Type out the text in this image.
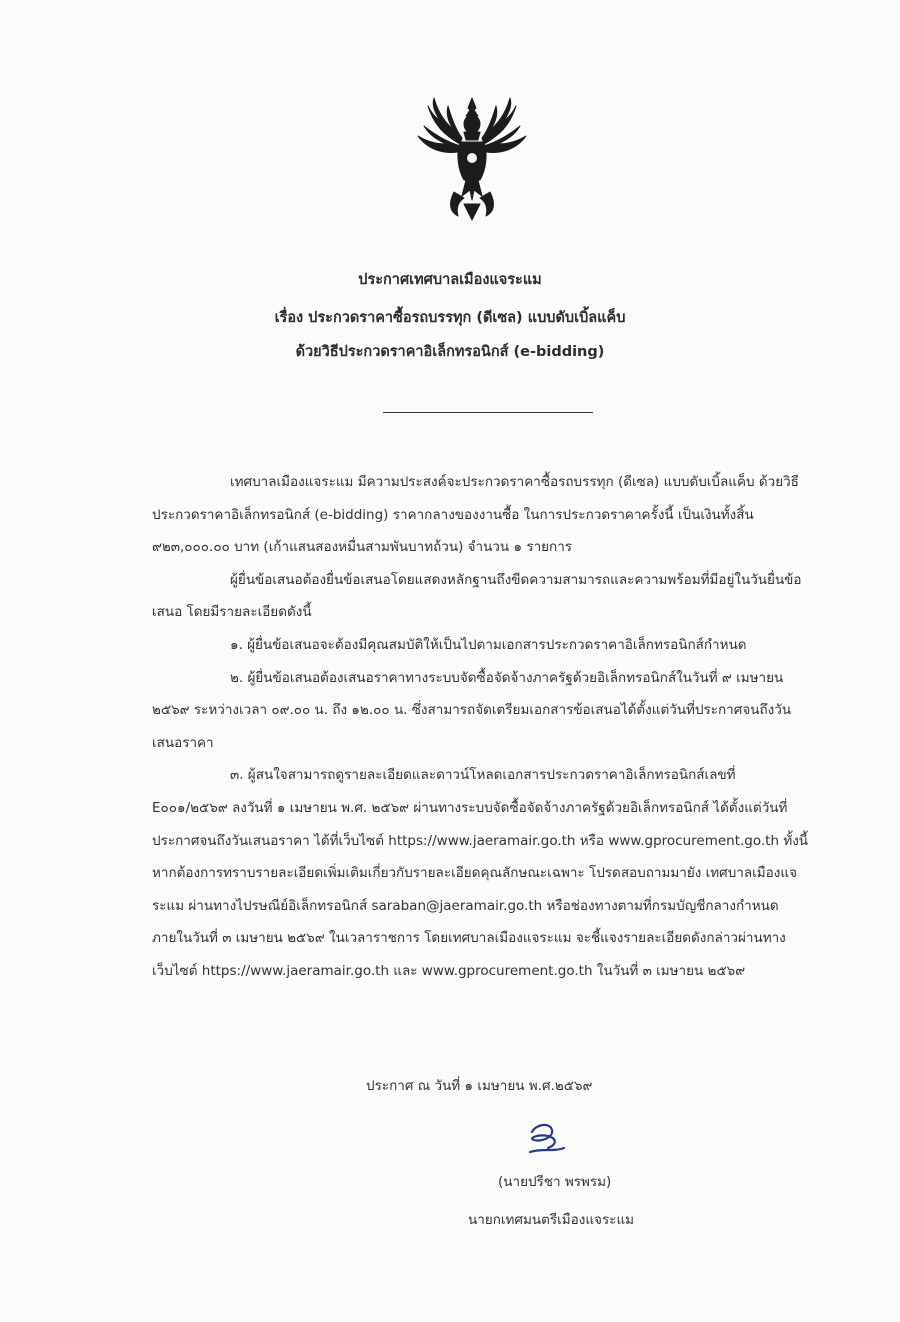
ประกาศเทศบาลเมืองแจระแม
เรื่อง ประกวดราคาซื้อรถบรรทุก (ดีเซล) แบบดับเบิ้ลแค็บ
ด้วยวิธีประกวดราคาอิเล็กทรอนิกส์ (e-bidding)

เทศบาลเมืองแจระแม มีความประสงค์จะประกวดราคาซื้อรถบรรทุก (ดีเซล) แบบดับเบิ้ลแค็บ ด้วยวิธีประกวดราคาอิเล็กทรอนิกส์ (e-bidding) ราคากลางของงานซื้อ ในการประกวดราคาครั้งนี้ เป็นเงินทั้งสิ้น ๙๒๓,๐๐๐.๐๐ บาท (เก้าแสนสองหมื่นสามพันบาทถ้วน) จำนวน ๑ รายการ

ผู้ยื่นข้อเสนอต้องยื่นข้อเสนอโดยแสดงหลักฐานถึงขีดความสามารถและความพร้อมที่มีอยู่ในวันยื่นข้อเสนอ โดยมีรายละเอียดดังนี้

๑. ผู้ยื่นข้อเสนอจะต้องมีคุณสมบัติให้เป็นไปตามเอกสารประกวดราคาอิเล็กทรอนิกส์กำหนด

๒. ผู้ยื่นข้อเสนอต้องเสนอราคาทางระบบจัดซื้อจัดจ้างภาครัฐด้วยอิเล็กทรอนิกส์ในวันที่ ๙ เมษายน ๒๕๖๙ ระหว่างเวลา ๐๙.๐๐ น. ถึง ๑๒.๐๐ น. ซึ่งสามารถจัดเตรียมเอกสารข้อเสนอได้ตั้งแต่วันที่ประกาศจนถึงวันเสนอราคา

๓. ผู้สนใจสามารถดูรายละเอียดและดาวน์โหลดเอกสารประกวดราคาอิเล็กทรอนิกส์เลขที่ E๐๐๑/๒๕๖๙ ลงวันที่ ๑ เมษายน พ.ศ. ๒๕๖๙ ผ่านทางระบบจัดซื้อจัดจ้างภาครัฐด้วยอิเล็กทรอนิกส์ ได้ตั้งแต่วันที่ประกาศจนถึงวันเสนอราคา ได้ที่เว็บไซต์ https://www.jaeramair.go.th หรือ www.gprocurement.go.th ทั้งนี้ หากต้องการทราบรายละเอียดเพิ่มเติมเกี่ยวกับรายละเอียดคุณลักษณะเฉพาะ โปรดสอบถามมายัง เทศบาลเมืองแจระแม ผ่านทางไปรษณีย์อิเล็กทรอนิกส์ saraban@jaeramair.go.th หรือช่องทางตามที่กรมบัญชีกลางกำหนด ภายในวันที่ ๓ เมษายน ๒๕๖๙ ในเวลาราชการ โดยเทศบาลเมืองแจระแม จะชี้แจงรายละเอียดดังกล่าวผ่านทางเว็บไซต์ https://www.jaeramair.go.th และ www.gprocurement.go.th ในวันที่ ๓ เมษายน ๒๕๖๙

ประกาศ ณ วันที่ ๑ เมษายน พ.ศ.๒๕๖๙
(นายปรีชา พรพรม)
นายกเทศมนตรีเมืองแจระแม
